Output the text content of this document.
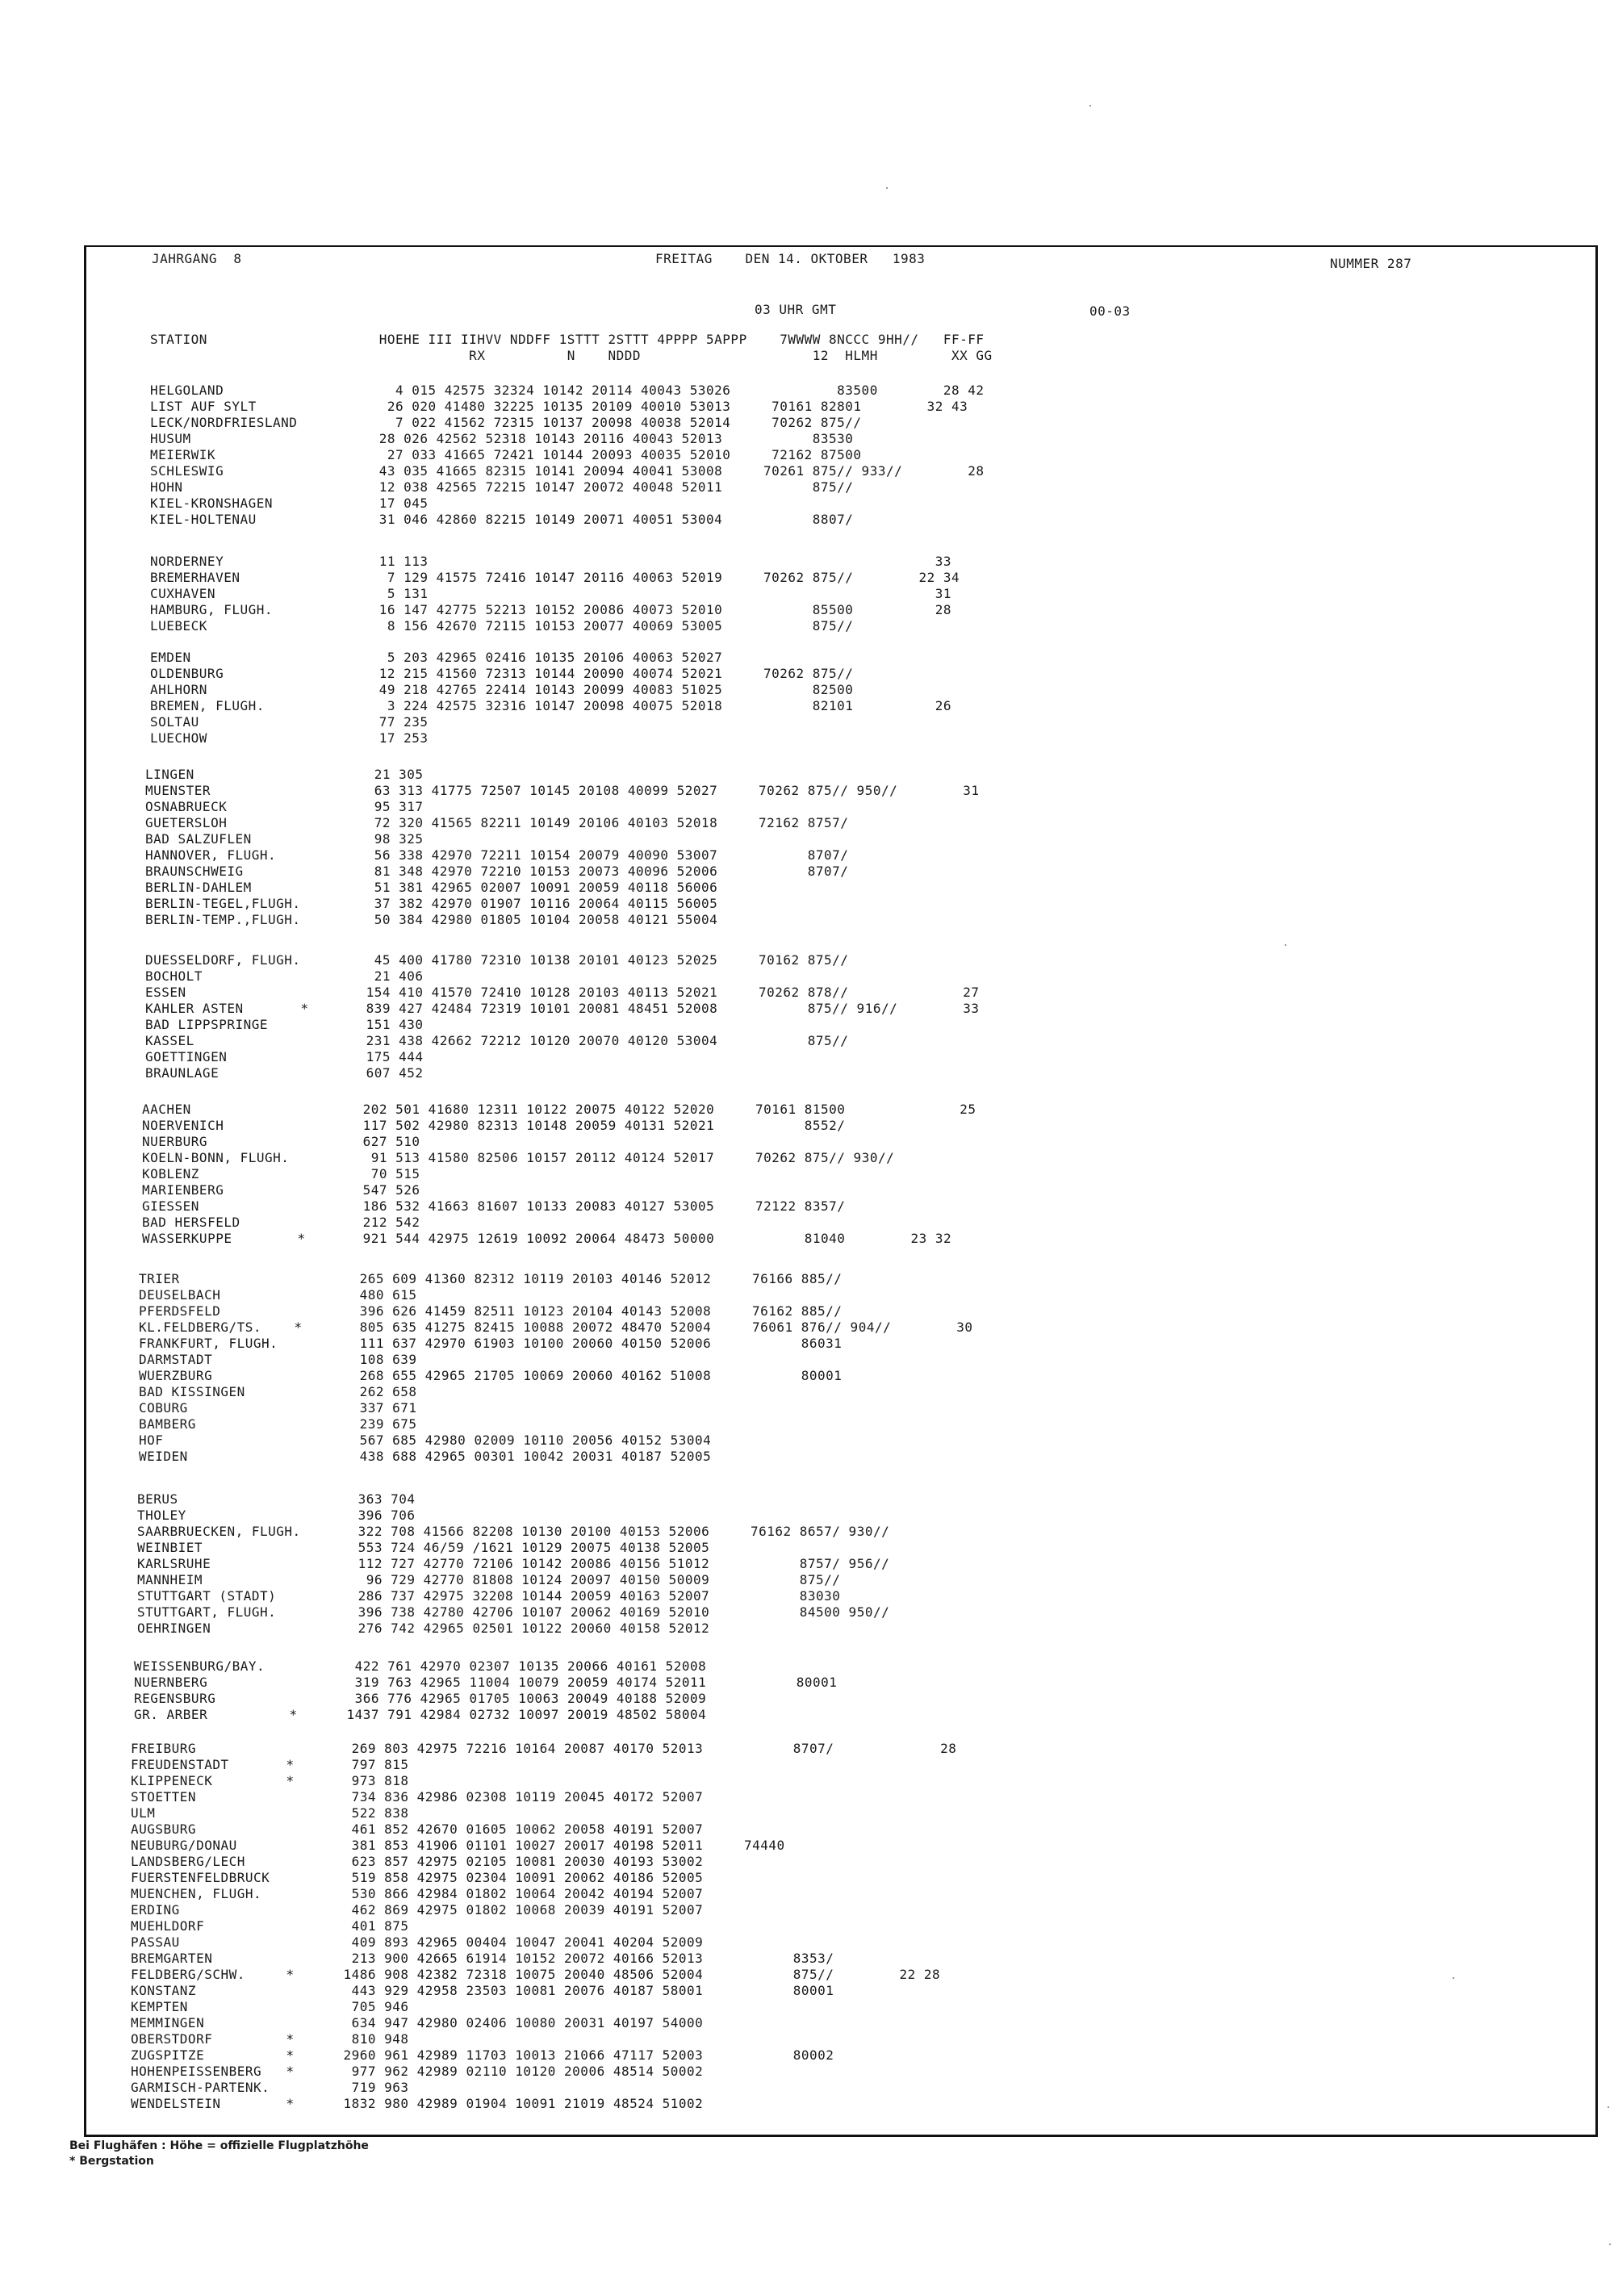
JAHRGANG  8	FREITAG    DEN 14. OKTOBER   1983	NUMMER 287
03 UHR GMT	00-03
STATION                     HOEHE III IIHVV NDDFF 1STTT 2STTT 4PPPP 5APPP    7WWWW 8NCCC 9HH//   FF-FF
RX          N    NDDD                     12  HLMH         XX GG
HELGOLAND                     4 015 42575 32324 10142 20114 40043 53026             83500        28 42
LIST AUF SYLT                26 020 41480 32225 10135 20109 40010 53013     70161 82801        32 43
LECK/NORDFRIESLAND            7 022 41562 72315 10137 20098 40038 52014     70262 875//
HUSUM                       28 026 42562 52318 10143 20116 40043 52013           83530
MEIERWIK                     27 033 41665 72421 10144 20093 40035 52010     72162 87500
SCHLESWIG                   43 035 41665 82315 10141 20094 40041 53008     70261 875// 933//        28
HOHN                        12 038 42565 72215 10147 20072 40048 52011           875//
KIEL-KRONSHAGEN             17 045
KIEL-HOLTENAU               31 046 42860 82215 10149 20071 40051 53004           8807/
NORDERNEY                   11 113                                                              33
BREMERHAVEN                  7 129 41575 72416 10147 20116 40063 52019     70262 875//        22 34
CUXHAVEN                     5 131                                                              31
HAMBURG, FLUGH.             16 147 42775 52213 10152 20086 40073 52010           85500          28
LUEBECK                      8 156 42670 72115 10153 20077 40069 53005           875//
EMDEN                        5 203 42965 02416 10135 20106 40063 52027
OLDENBURG                   12 215 41560 72313 10144 20090 40074 52021     70262 875//
AHLHORN                     49 218 42765 22414 10143 20099 40083 51025           82500
BREMEN, FLUGH.               3 224 42575 32316 10147 20098 40075 52018           82101          26
SOLTAU                      77 235
LUECHOW                     17 253
LINGEN                      21 305
MUENSTER                    63 313 41775 72507 10145 20108 40099 52027     70262 875// 950//        31
OSNABRUECK                  95 317
GUETERSLOH                  72 320 41565 82211 10149 20106 40103 52018     72162 8757/
BAD SALZUFLEN               98 325
HANNOVER, FLUGH.            56 338 42970 72211 10154 20079 40090 53007           8707/
BRAUNSCHWEIG                81 348 42970 72210 10153 20073 40096 52006           8707/
BERLIN-DAHLEM               51 381 42965 02007 10091 20059 40118 56006
BERLIN-TEGEL,FLUGH.         37 382 42970 01907 10116 20064 40115 56005
BERLIN-TEMP.,FLUGH.         50 384 42980 01805 10104 20058 40121 55004
DUESSELDORF, FLUGH.         45 400 41780 72310 10138 20101 40123 52025     70162 875//
BOCHOLT                     21 406
ESSEN                      154 410 41570 72410 10128 20103 40113 52021     70262 878//              27
KAHLER ASTEN       *       839 427 42484 72319 10101 20081 48451 52008           875// 916//        33
BAD LIPPSPRINGE            151 430
KASSEL                     231 438 42662 72212 10120 20070 40120 53004           875//
GOETTINGEN                 175 444
BRAUNLAGE                  607 452
AACHEN                     202 501 41680 12311 10122 20075 40122 52020     70161 81500              25
NOERVENICH                 117 502 42980 82313 10148 20059 40131 52021           8552/
NUERBURG                   627 510
KOELN-BONN, FLUGH.          91 513 41580 82506 10157 20112 40124 52017     70262 875// 930//
KOBLENZ                     70 515
MARIENBERG                 547 526
GIESSEN                    186 532 41663 81607 10133 20083 40127 53005     72122 8357/
BAD HERSFELD               212 542
WASSERKUPPE        *       921 544 42975 12619 10092 20064 48473 50000           81040        23 32
TRIER                      265 609 41360 82312 10119 20103 40146 52012     76166 885//
DEUSELBACH                 480 615
PFERDSFELD                 396 626 41459 82511 10123 20104 40143 52008     76162 885//
KL.FELDBERG/TS.    *       805 635 41275 82415 10088 20072 48470 52004     76061 876// 904//        30
FRANKFURT, FLUGH.          111 637 42970 61903 10100 20060 40150 52006           86031
DARMSTADT                  108 639
WUERZBURG                  268 655 42965 21705 10069 20060 40162 51008           80001
BAD KISSINGEN              262 658
COBURG                     337 671
BAMBERG                    239 675
HOF                        567 685 42980 02009 10110 20056 40152 53004
WEIDEN                     438 688 42965 00301 10042 20031 40187 52005
BERUS                      363 704
THOLEY                     396 706
SAARBRUECKEN, FLUGH.       322 708 41566 82208 10130 20100 40153 52006     76162 8657/ 930//
WEINBIET                   553 724 46/59 /1621 10129 20075 40138 52005
KARLSRUHE                  112 727 42770 72106 10142 20086 40156 51012           8757/ 956//
MANNHEIM                    96 729 42770 81808 10124 20097 40150 50009           875//
STUTTGART (STADT)          286 737 42975 32208 10144 20059 40163 52007           83030
STUTTGART, FLUGH.          396 738 42780 42706 10107 20062 40169 52010           84500 950//
OEHRINGEN                  276 742 42965 02501 10122 20060 40158 52012
WEISSENBURG/BAY.           422 761 42970 02307 10135 20066 40161 52008
NUERNBERG                  319 763 42965 11004 10079 20059 40174 52011           80001
REGENSBURG                 366 776 42965 01705 10063 20049 40188 52009
GR. ARBER          *      1437 791 42984 02732 10097 20019 48502 58004
FREIBURG                   269 803 42975 72216 10164 20087 40170 52013           8707/             28
FREUDENSTADT       *       797 815
KLIPPENECK         *       973 818
STOETTEN                   734 836 42986 02308 10119 20045 40172 52007
ULM                        522 838
AUGSBURG                   461 852 42670 01605 10062 20058 40191 52007
NEUBURG/DONAU              381 853 41906 01101 10027 20017 40198 52011     74440
LANDSBERG/LECH             623 857 42975 02105 10081 20030 40193 53002
FUERSTENFELDBRUCK          519 858 42975 02304 10091 20062 40186 52005
MUENCHEN, FLUGH.           530 866 42984 01802 10064 20042 40194 52007
ERDING                     462 869 42975 01802 10068 20039 40191 52007
MUEHLDORF                  401 875
PASSAU                     409 893 42965 00404 10047 20041 40204 52009
BREMGARTEN                 213 900 42665 61914 10152 20072 40166 52013           8353/
FELDBERG/SCHW.     *      1486 908 42382 72318 10075 20040 48506 52004           875//        22 28
KONSTANZ                   443 929 42958 23503 10081 20076 40187 58001           80001
KEMPTEN                    705 946
MEMMINGEN                  634 947 42980 02406 10080 20031 40197 54000
OBERSTDORF         *       810 948
ZUGSPITZE          *      2960 961 42989 11703 10013 21066 47117 52003           80002
HOHENPEISSENBERG   *       977 962 42989 02110 10120 20006 48514 50002
GARMISCH-PARTENK.          719 963
WENDELSTEIN        *      1832 980 42989 01904 10091 21019 48524 51002
Bei Flughäfen : Höhe = offizielle Flugplatzhöhe
* Bergstation
